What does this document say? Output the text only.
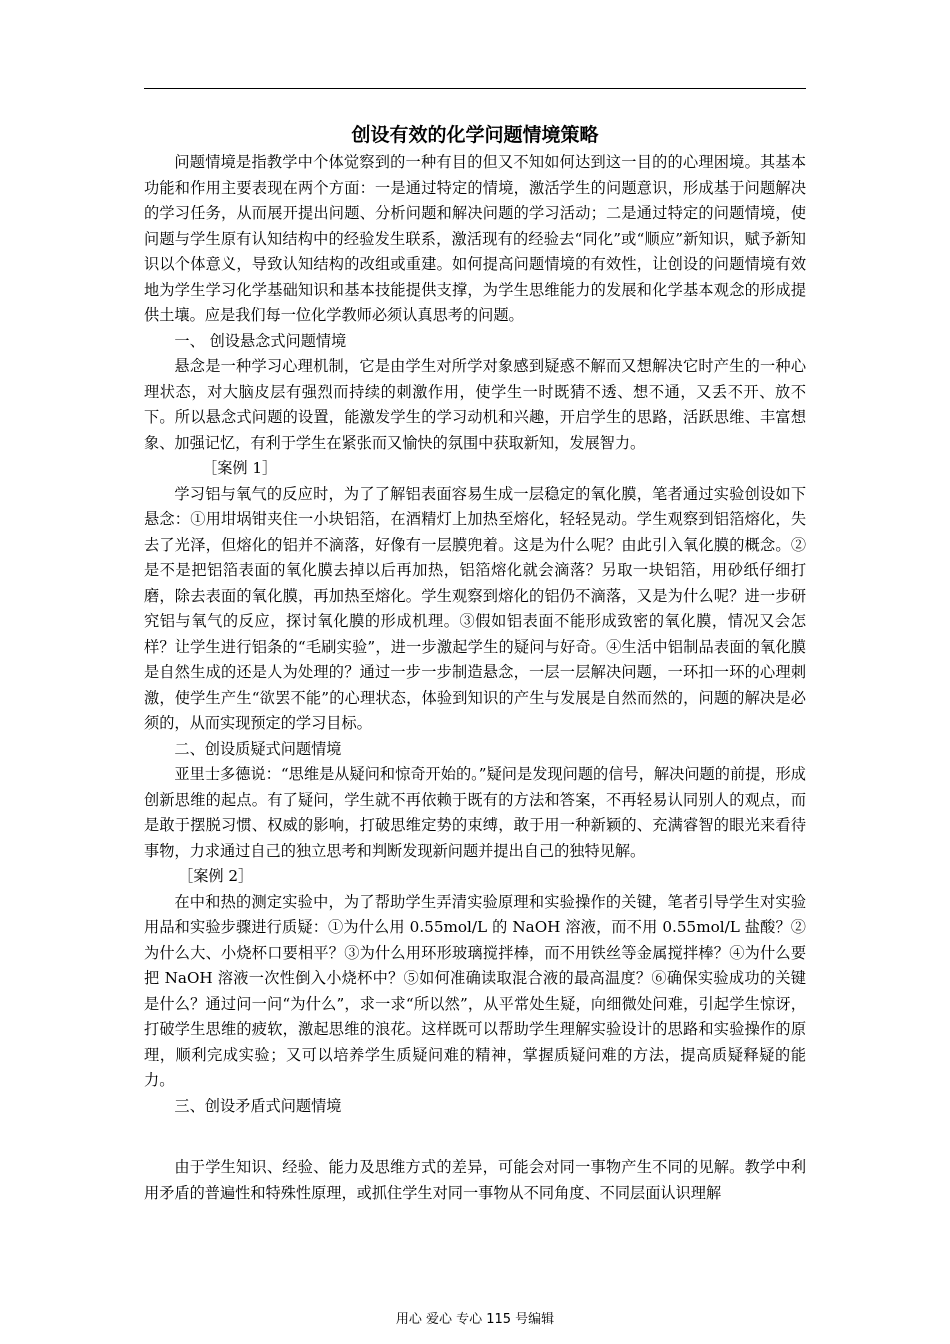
创设有效的化学问题情境策略

问题情境是指教学中个体觉察到的一种有目的但又不知如何达到这一目的的心理困境。其基本功能和作用主要表现在两个方面：一是通过特定的情境，激活学生的问题意识，形成基于问题解决的学习任务，从而展开提出问题、分析问题和解决问题的学习活动；二是通过特定的问题情境，使问题与学生原有认知结构中的经验发生联系，激活现有的经验去“同化”或“顺应”新知识，赋予新知识以个体意义，导致认知结构的改组或重建。如何提高问题情境的有效性，让创设的问题情境有效地为学生学习化学基础知识和基本技能提供支撑，为学生思维能力的发展和化学基本观念的形成提供土壤。应是我们每一位化学教师必须认真思考的问题。

一、 创设悬念式问题情境

悬念是一种学习心理机制，它是由学生对所学对象感到疑惑不解而又想解决它时产生的一种心理状态，对大脑皮层有强烈而持续的刺激作用，使学生一时既猜不透、想不通，又丢不开、放不下。所以悬念式问题的设置，能激发学生的学习动机和兴趣，开启学生的思路，活跃思维、丰富想象、加强记忆，有利于学生在紧张而又愉快的氛围中获取新知，发展智力。

［案例 1］

学习铝与氧气的反应时，为了了解铝表面容易生成一层稳定的氧化膜，笔者通过实验创设如下悬念：①用坩埚钳夹住一小块铝箔，在酒精灯上加热至熔化，轻轻晃动。学生观察到铝箔熔化，失去了光泽，但熔化的铝并不滴落，好像有一层膜兜着。这是为什么呢？由此引入氧化膜的概念。②是不是把铝箔表面的氧化膜去掉以后再加热，铝箔熔化就会滴落？另取一块铝箔，用砂纸仔细打磨，除去表面的氧化膜，再加热至熔化。学生观察到熔化的铝仍不滴落，又是为什么呢？进一步研究铝与氧气的反应，探讨氧化膜的形成机理。③假如铝表面不能形成致密的氧化膜，情况又会怎样？让学生进行铝条的“毛刷实验”，进一步激起学生的疑问与好奇。④生活中铝制品表面的氧化膜是自然生成的还是人为处理的？通过一步一步制造悬念，一层一层解决问题，一环扣一环的心理刺激，使学生产生“欲罢不能”的心理状态，体验到知识的产生与发展是自然而然的，问题的解决是必须的，从而实现预定的学习目标。

二、创设质疑式问题情境

亚里士多德说：“思维是从疑问和惊奇开始的。”疑问是发现问题的信号，解决问题的前提，形成创新思维的起点。有了疑问，学生就不再依赖于既有的方法和答案，不再轻易认同别人的观点，而是敢于摆脱习惯、权威的影响，打破思维定势的束缚，敢于用一种新颖的、充满睿智的眼光来看待事物，力求通过自己的独立思考和判断发现新问题并提出自己的独特见解。

［案例 2］

在中和热的测定实验中，为了帮助学生弄清实验原理和实验操作的关键，笔者引导学生对实验用品和实验步骤进行质疑：①为什么用 0.55mol/L 的 NaOH 溶液，而不用 0.55mol/L 盐酸？②为什么大、小烧杯口要相平？③为什么用环形玻璃搅拌棒，而不用铁丝等金属搅拌棒？④为什么要把 NaOH 溶液一次性倒入小烧杯中？⑤如何准确读取混合液的最高温度？⑥确保实验成功的关键是什么？通过问一问“为什么”，求一求“所以然”，从平常处生疑，向细微处问难，引起学生惊讶，打破学生思维的疲软，激起思维的浪花。这样既可以帮助学生理解实验设计的思路和实验操作的原理，顺利完成实验；又可以培养学生质疑问难的精神，掌握质疑问难的方法，提高质疑释疑的能力。

三、创设矛盾式问题情境

由于学生知识、经验、能力及思维方式的差异，可能会对同一事物产生不同的见解。教学中利用矛盾的普遍性和特殊性原理，或抓住学生对同一事物从不同角度、不同层面认识理解

用心 爱心 专心 115 号编辑
